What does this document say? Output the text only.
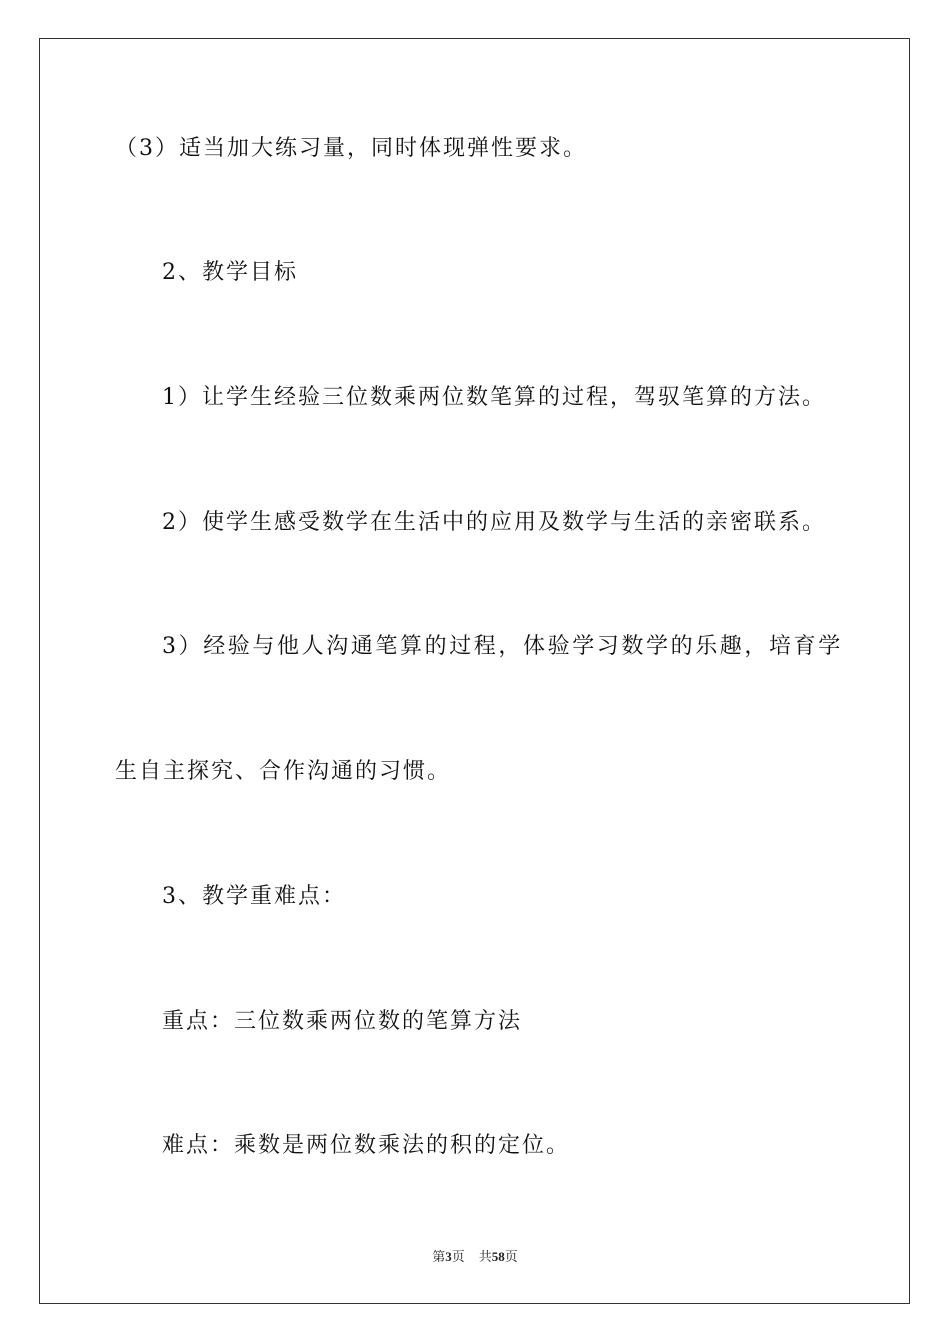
（3）适当加大练习量，同时体现弹性要求。
2、教学目标
1）让学生经验三位数乘两位数笔算的过程，驾驭笔算的方法。
2）使学生感受数学在生活中的应用及数学与生活的亲密联系。
3）经验与他人沟通笔算的过程，体验学习数学的乐趣，培育学
生自主探究、合作沟通的习惯。
3、教学重难点：
重点：三位数乘两位数的笔算方法
难点：乘数是两位数乘法的积的定位。
第3页 共58页
